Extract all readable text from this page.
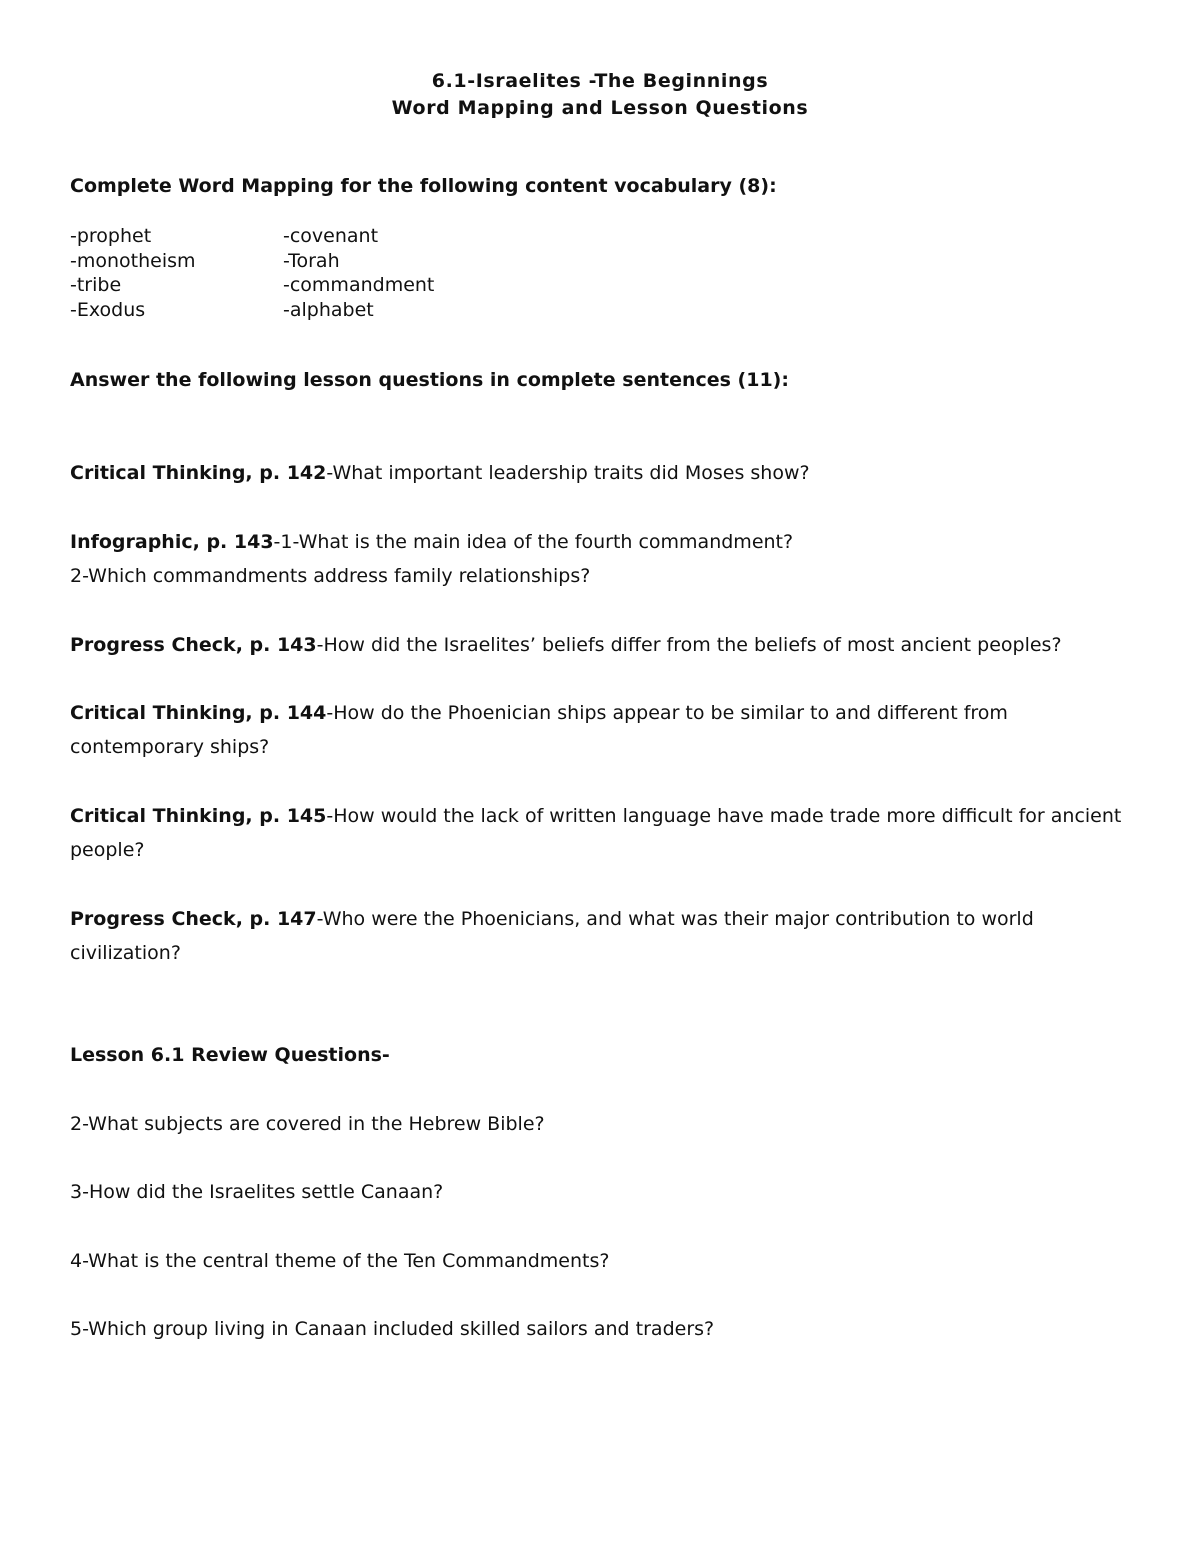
6.1-Israelites -The Beginnings
Word Mapping and Lesson Questions
Complete Word Mapping for the following content vocabulary (8):
-prophet	-covenant
-monotheism	-Torah
-tribe	-commandment
-Exodus	-alphabet
Answer the following lesson questions in complete sentences (11):
Critical Thinking, p. 142-What important leadership traits did Moses show?
Infographic, p. 143-1-What is the main idea of the fourth commandment?
2-Which commandments address family relationships?
Progress Check, p. 143-How did the Israelites’ beliefs differ from the beliefs of most ancient peoples?
Critical Thinking, p. 144-How do the Phoenician ships appear to be similar to and different from contemporary ships?
Critical Thinking, p. 145-How would the lack of written language have made trade more difficult for ancient people?
Progress Check, p. 147-Who were the Phoenicians, and what was their major contribution to world civilization?
Lesson 6.1 Review Questions-
2-What subjects are covered in the Hebrew Bible?
3-How did the Israelites settle Canaan?
4-What is the central theme of the Ten Commandments?
5-Which group living in Canaan included skilled sailors and traders?
